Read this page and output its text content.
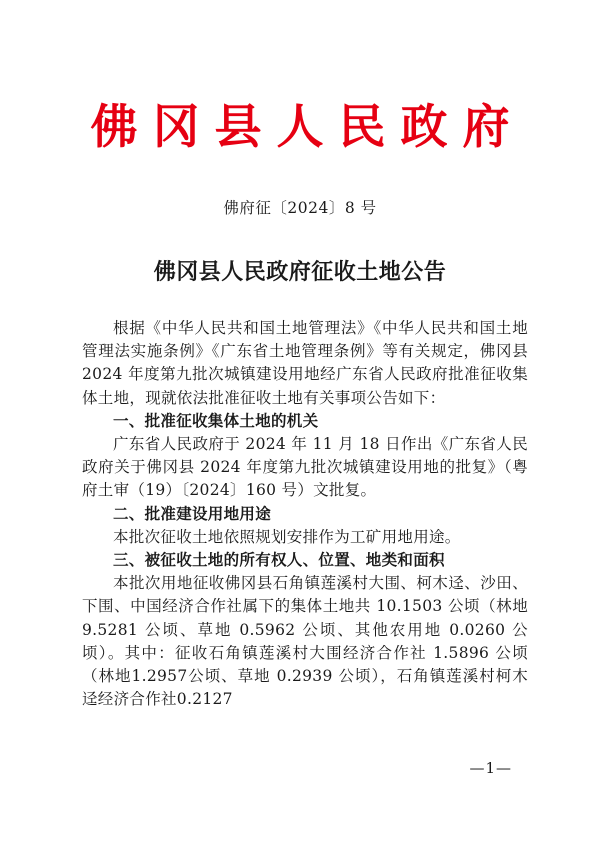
佛冈县人民政府
佛府征〔2024〕8 号
佛冈县人民政府征收土地公告

根据《中华人民共和国土地管理法》《中华人民共和国土地管理法实施条例》《广东省土地管理条例》等有关规定，佛冈县2024 年度第九批次城镇建设用地经广东省人民政府批准征收集体土地，现就依法批准征收土地有关事项公告如下：

一、批准征收集体土地的机关

广东省人民政府于 2024 年 11 月 18 日作出《广东省人民政府关于佛冈县 2024 年度第九批次城镇建设用地的批复》（粤府土审（19）〔2024〕160 号）文批复。

二、批准建设用地用途

本批次征收土地依照规划安排作为工矿用地用途。

三、被征收土地的所有权人、位置、地类和面积

本批次用地征收佛冈县石角镇莲溪村大围、柯木迳、沙田、下围、中国经济合作社属下的集体土地共 10.1503 公顷（林地9.5281 公顷、草地 0.5962 公顷、其他农用地 0.0260 公顷）。其中：征收石角镇莲溪村大围经济合作社 1.5896 公顷（林地1.2957公顷、草地 0.2939 公顷），石角镇莲溪村柯木迳经济合作社0.2127

—1—
